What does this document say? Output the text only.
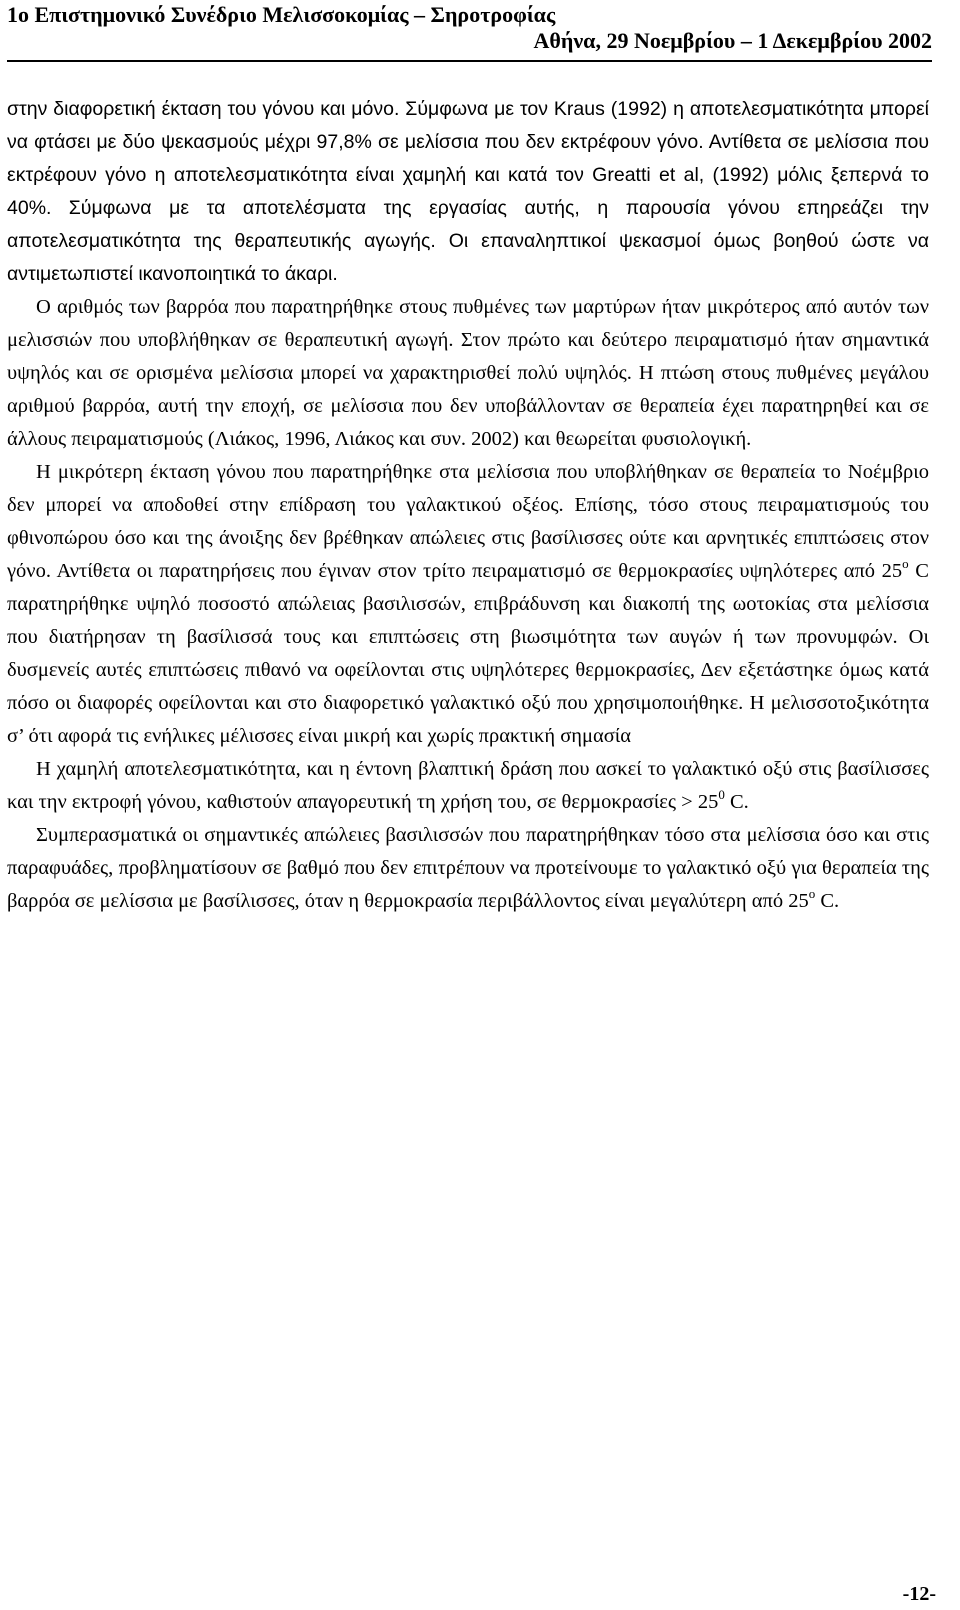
1ο Επιστημονικό Συνέδριο Μελισσοκομίας – Σηροτροφίας
Αθήνα, 29 Νοεμβρίου – 1 Δεκεμβρίου 2002

στην διαφορετική έκταση του γόνου και μόνο. Σύμφωνα με τον Kraus (1992) η αποτελεσματικότητα μπορεί να φτάσει με δύο ψεκασμούς μέχρι 97,8% σε μελίσσια που δεν εκτρέφουν γόνο. Αντίθετα σε μελίσσια που εκτρέφουν γόνο η αποτελεσματικότητα είναι χαμηλή και κατά τον Greatti et al, (1992) μόλις ξεπερνά το 40%. Σύμφωνα με τα αποτελέσματα της εργασίας αυτής, η παρουσία γόνου επηρεάζει την αποτελεσματικότητα της θεραπευτικής αγωγής. Οι επαναληπτικοί ψεκασμοί όμως βοηθού ώστε να αντιμετωπιστεί ικανοποιητικά το άκαρι.

Ο αριθμός των βαρρόα που παρατηρήθηκε στους πυθμένες των μαρτύρων ήταν μικρότερος από αυτόν των μελισσιών που υποβλήθηκαν σε θεραπευτική αγωγή. Στον πρώτο και δεύτερο πειραματισμό ήταν σημαντικά υψηλός και σε ορισμένα μελίσσια μπορεί να χαρακτηρισθεί πολύ υψηλός. Η πτώση στους πυθμένες μεγάλου αριθμού βαρρόα, αυτή την εποχή, σε μελίσσια που δεν υποβάλλονταν σε θεραπεία έχει παρατηρηθεί και σε άλλους πειραματισμούς (Λιάκος, 1996, Λιάκος και συν. 2002) και θεωρείται φυσιολογική.

Η μικρότερη έκταση γόνου που παρατηρήθηκε στα μελίσσια που υποβλήθηκαν σε θεραπεία το Νοέμβριο δεν μπορεί να αποδοθεί στην επίδραση του γαλακτικού οξέος. Επίσης, τόσο στους πειραματισμούς του φθινοπώρου όσο και της άνοιξης δεν βρέθηκαν απώλειες στις βασίλισσες ούτε και αρνητικές επιπτώσεις στον γόνο. Αντίθετα οι παρατηρήσεις που έγιναν στον τρίτο πειραματισμό σε θερμοκρασίες υψηλότερες από $25^o$ C παρατηρήθηκε υψηλό ποσοστό απώλειας βασιλισσών, επιβράδυνση και διακοπή της ωοτοκίας στα μελίσσια που διατήρησαν τη βασίλισσά τους και επιπτώσεις στη βιωσιμότητα των αυγών ή των προνυμφών. Οι δυσμενείς αυτές επιπτώσεις πιθανό να οφείλονται στις υψηλότερες θερμοκρασίες, Δεν εξετάστηκε όμως κατά πόσο οι διαφορές οφείλονται και στο διαφορετικό γαλακτικό οξύ που χρησιμοποιήθηκε. Η μελισσοτοξικότητα σ’ ότι αφορά τις ενήλικες μέλισσες είναι μικρή και χωρίς πρακτική σημασία

Η χαμηλή αποτελεσματικότητα, και η έντονη βλαπτική δράση που ασκεί το γαλακτικό οξύ στις βασίλισσες και την εκτροφή γόνου, καθιστούν απαγορευτική τη χρήση του, σε $\theta\varepsilon\rho\mu o\kappa\rho\alpha\sigma ί\varepsilon\varsigma > 25^0$ C.

Συμπερασματικά οι σημαντικές απώλειες βασιλισσών που παρατηρήθηκαν τόσο στα μελίσσια όσο και στις παραφυάδες, προβληματίσουν σε βαθμό που δεν επιτρέπουν να προτείνουμε το γαλακτικό οξύ για θεραπεία της βαρρόα σε μελίσσια με βασίλισσες, όταν η θερμοκρασία περιβάλλοντος είναι μεγαλύτερη από $25^o$ C.

-12-
